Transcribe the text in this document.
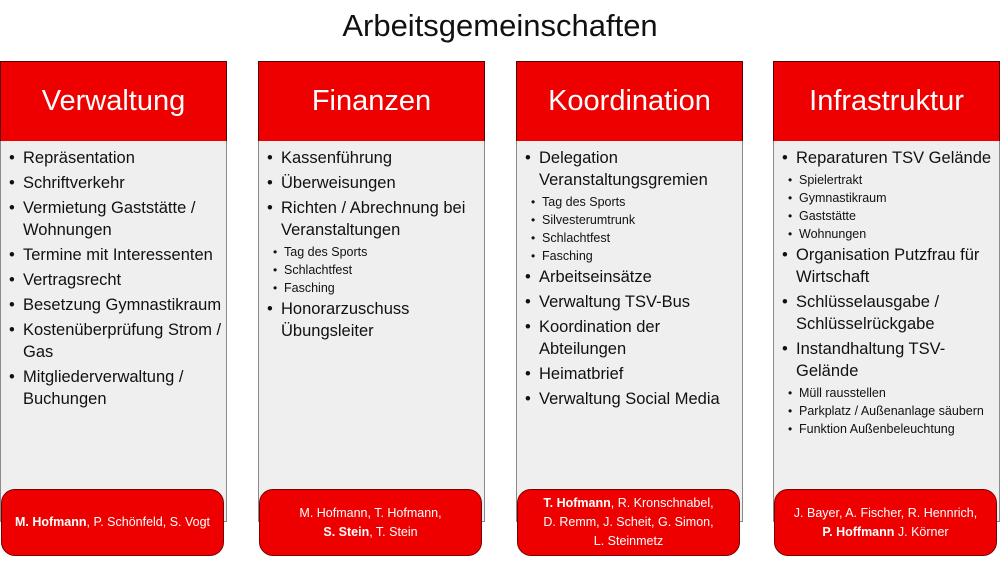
Arbeitsgemeinschaften
Verwaltung
• Repräsentation
• Schriftverkehr
• Vermietung Gaststätte / Wohnungen
• Termine mit Interessenten
• Vertragsrecht
• Besetzung Gymnastikraum
• Kostenüberprüfung Strom / Gas
• Mitgliederverwaltung / Buchungen
M. Hofmann, P. Schönfeld, S. Vogt
Finanzen
• Kassenführung
• Überweisungen
• Richten / Abrechnung bei Veranstaltungen
• Tag des Sports
• Schlachtfest
• Fasching
• Honorarzuschuss Übungsleiter
M. Hofmann, T. Hofmann,
S. Stein, T. Stein
Koordination
• Delegation Veranstaltungsgremien
• Tag des Sports
• Silvesterumtrunk
• Schlachtfest
• Fasching
• Arbeitseinsätze
• Verwaltung TSV-Bus
• Koordination der Abteilungen
• Heimatbrief
• Verwaltung Social Media
T. Hofmann, R. Kronschnabel,
D. Remm, J. Scheit, G. Simon,
L. Steinmetz
Infrastruktur
• Reparaturen TSV Gelände
• Spielertrakt
• Gymnastikraum
• Gaststätte
• Wohnungen
• Organisation Putzfrau für Wirtschaft
• Schlüsselausgabe / Schlüsselrückgabe
• Instandhaltung TSV-Gelände
• Müll rausstellen
• Parkplatz / Außenanlage säubern
• Funktion Außenbeleuchtung
J. Bayer, A. Fischer, R. Hennrich,
P. Hoffmann J. Körner
